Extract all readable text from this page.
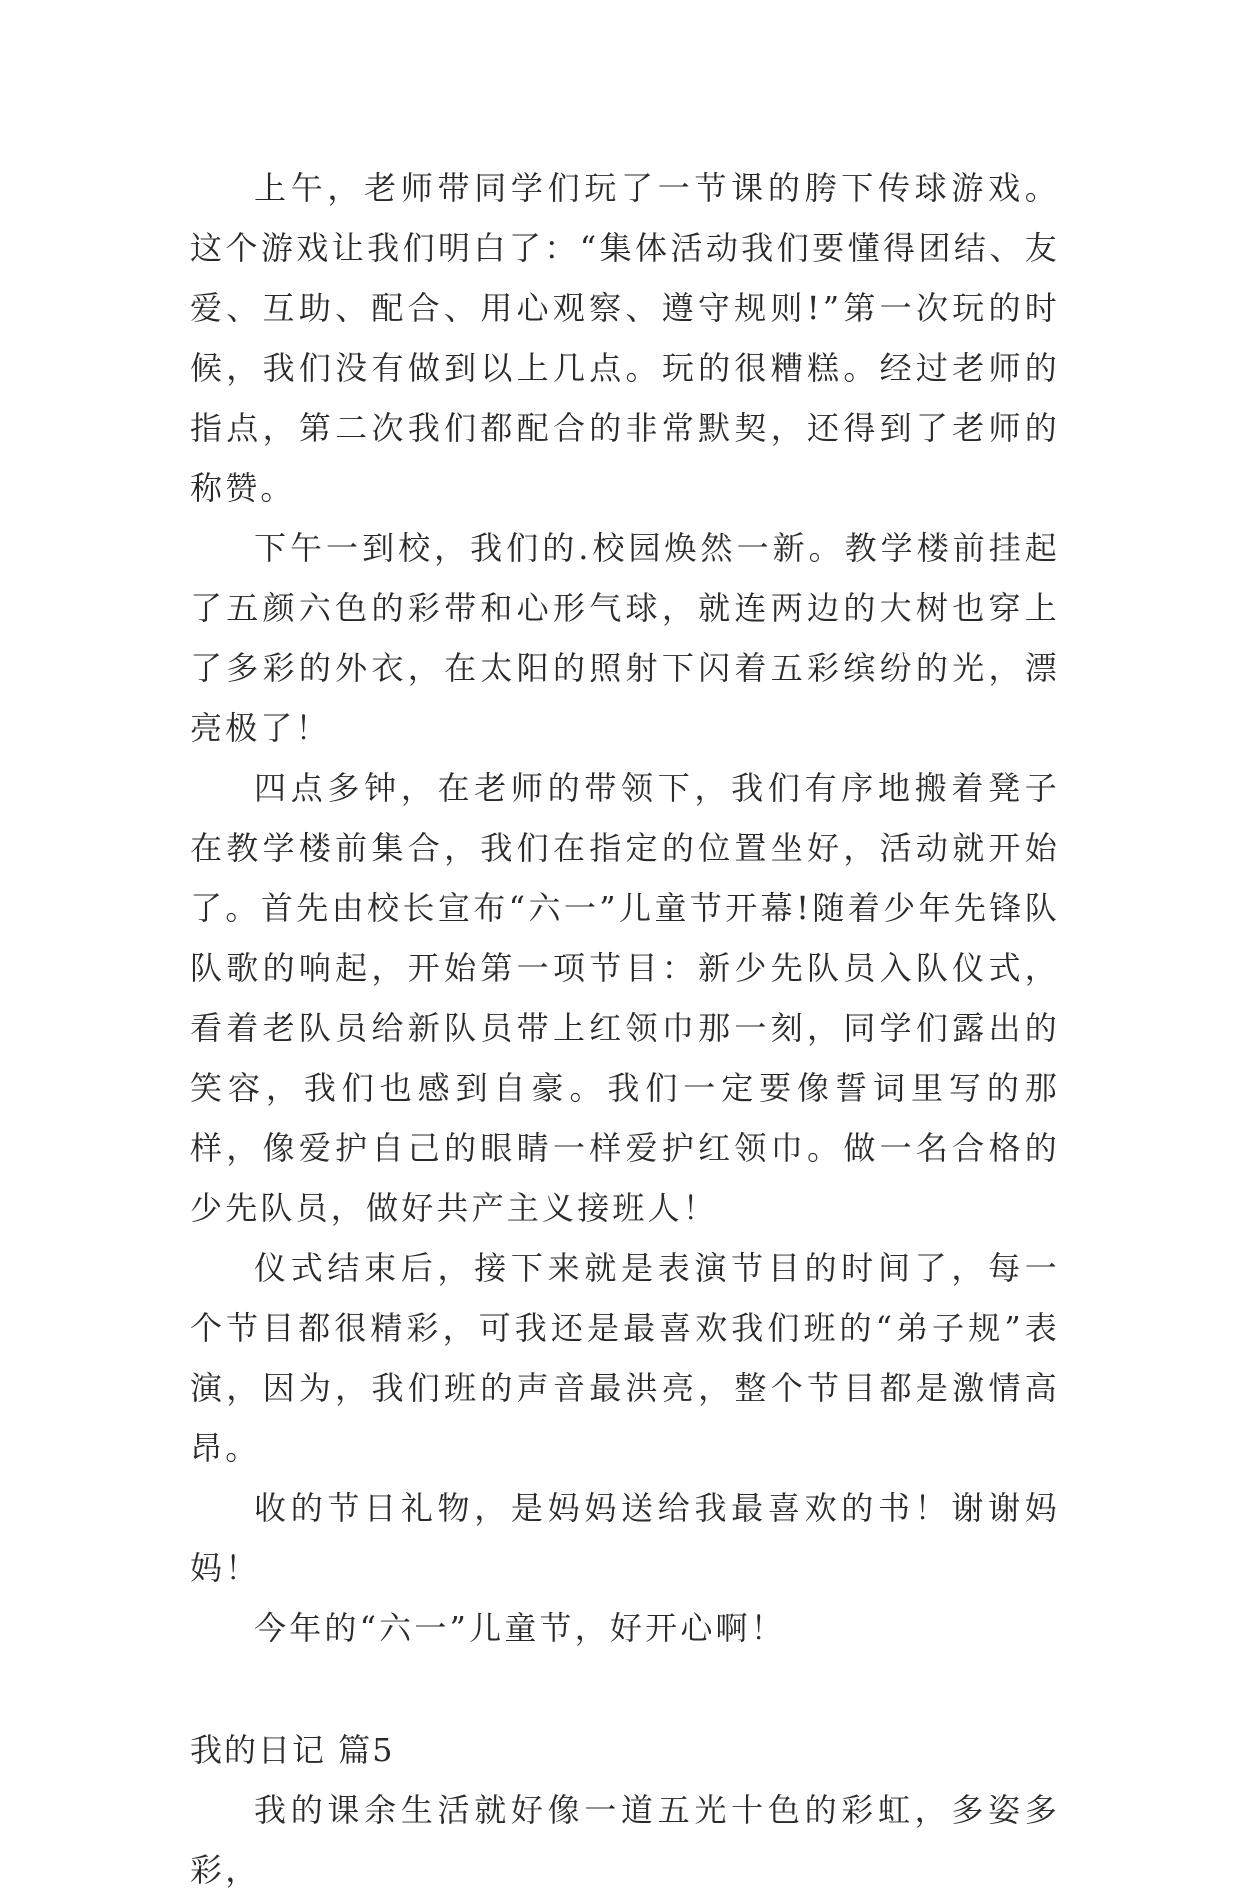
上午，老师带同学们玩了一节课的胯下传球游戏。这个游戏让我们明白了：“集体活动我们要懂得团结、友爱、互助、配合、用心观察、遵守规则!”第一次玩的时候，我们没有做到以上几点。玩的很糟糕。经过老师的指点，第二次我们都配合的非常默契，还得到了老师的称赞。

下午一到校，我们的.校园焕然一新。教学楼前挂起了五颜六色的彩带和心形气球，就连两边的大树也穿上了多彩的外衣，在太阳的照射下闪着五彩缤纷的光，漂亮极了！

四点多钟，在老师的带领下，我们有序地搬着凳子在教学楼前集合，我们在指定的位置坐好，活动就开始了。首先由校长宣布“六一”儿童节开幕!随着少年先锋队队歌的响起，开始第一项节目：新少先队员入队仪式，看着老队员给新队员带上红领巾那一刻，同学们露出的笑容，我们也感到自豪。我们一定要像誓词里写的那样，像爱护自己的眼睛一样爱护红领巾。做一名合格的少先队员，做好共产主义接班人！

仪式结束后，接下来就是表演节目的时间了，每一个节目都很精彩，可我还是最喜欢我们班的“弟子规”表演，因为，我们班的声音最洪亮，整个节目都是激情高昂。

收的节日礼物，是妈妈送给我最喜欢的书！谢谢妈妈！

今年的“六一”儿童节，好开心啊！

我的日记 篇5

我的课余生活就好像一道五光十色的彩虹，多姿多彩，
